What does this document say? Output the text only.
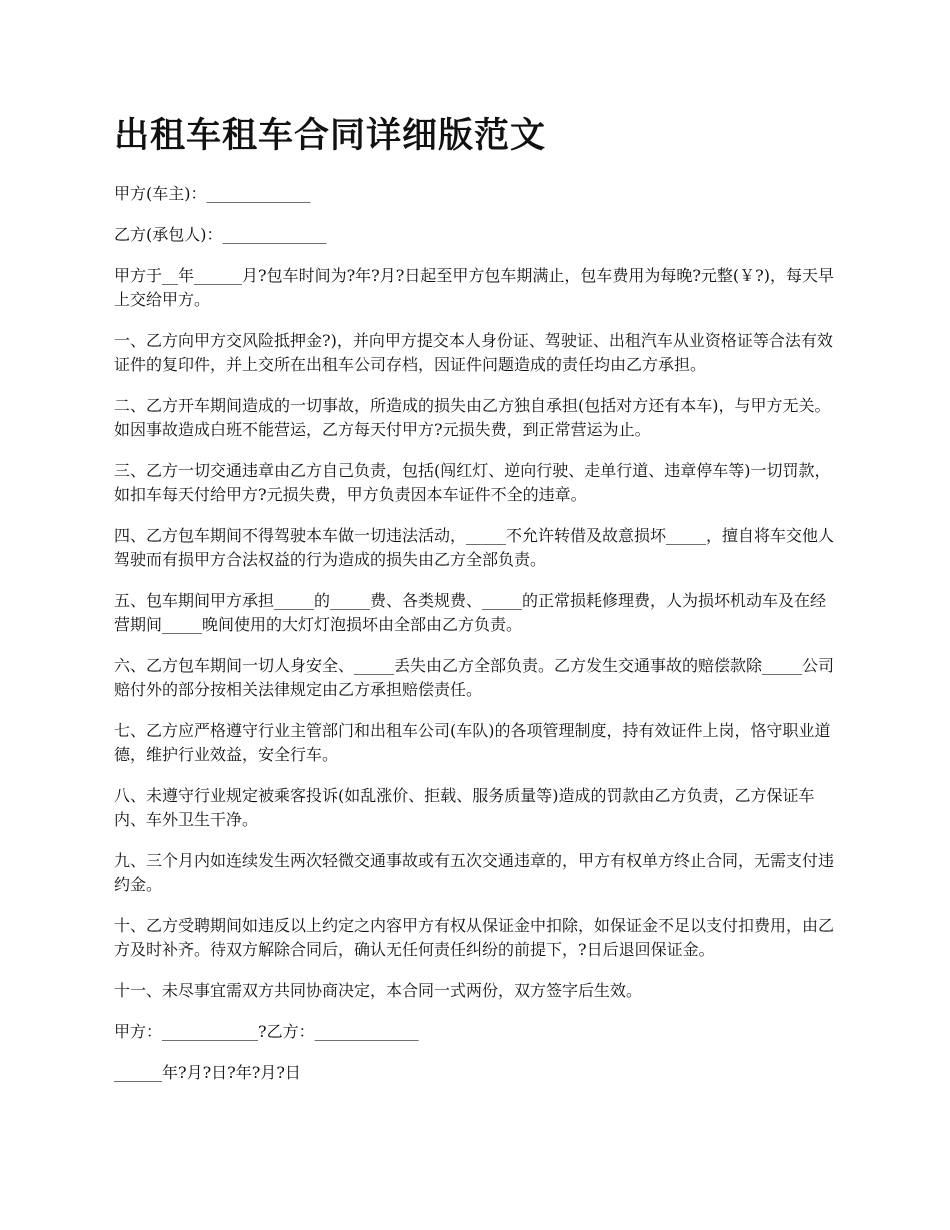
出租车租车合同详细版范文

甲方(车主)：_____________

乙方(承包人)：_____________

甲方于__年______月?包车时间为?年?月?日起至甲方包车期满止，包车费用为每晚?元整(￥?)，每天早上交给甲方。

一、乙方向甲方交风险抵押金?)，并向甲方提交本人身份证、驾驶证、出租汽车从业资格证等合法有效证件的复印件，并上交所在出租车公司存档，因证件问题造成的责任均由乙方承担。

二、乙方开车期间造成的一切事故，所造成的损失由乙方独自承担(包括对方还有本车)，与甲方无关。如因事故造成白班不能营运，乙方每天付甲方?元损失费，到正常营运为止。

三、乙方一切交通违章由乙方自己负责，包括(闯红灯、逆向行驶、走单行道、违章停车等)一切罚款，如扣车每天付给甲方?元损失费，甲方负责因本车证件不全的违章。

四、乙方包车期间不得驾驶本车做一切违法活动，_____不允许转借及故意损坏_____，擅自将车交他人驾驶而有损甲方合法权益的行为造成的损失由乙方全部负责。

五、包车期间甲方承担_____的_____费、各类规费、_____的正常损耗修理费，人为损坏机动车及在经营期间_____晚间使用的大灯灯泡损坏由全部由乙方负责。

六、乙方包车期间一切人身安全、_____丢失由乙方全部负责。乙方发生交通事故的赔偿款除_____公司赔付外的部分按相关法律规定由乙方承担赔偿责任。

七、乙方应严格遵守行业主管部门和出租车公司(车队)的各项管理制度，持有效证件上岗，恪守职业道德，维护行业效益，安全行车。

八、未遵守行业规定被乘客投诉(如乱涨价、拒载、服务质量等)造成的罚款由乙方负责，乙方保证车内、车外卫生干净。

九、三个月内如连续发生两次轻微交通事故或有五次交通违章的，甲方有权单方终止合同，无需支付违约金。

十、乙方受聘期间如违反以上约定之内容甲方有权从保证金中扣除，如保证金不足以支付扣费用，由乙方及时补齐。待双方解除合同后，确认无任何责任纠纷的前提下，?日后退回保证金。

十一、未尽事宜需双方共同协商决定，本合同一式两份，双方签字后生效。

甲方：____________?乙方：_____________

______年?月?日?年?月?日
